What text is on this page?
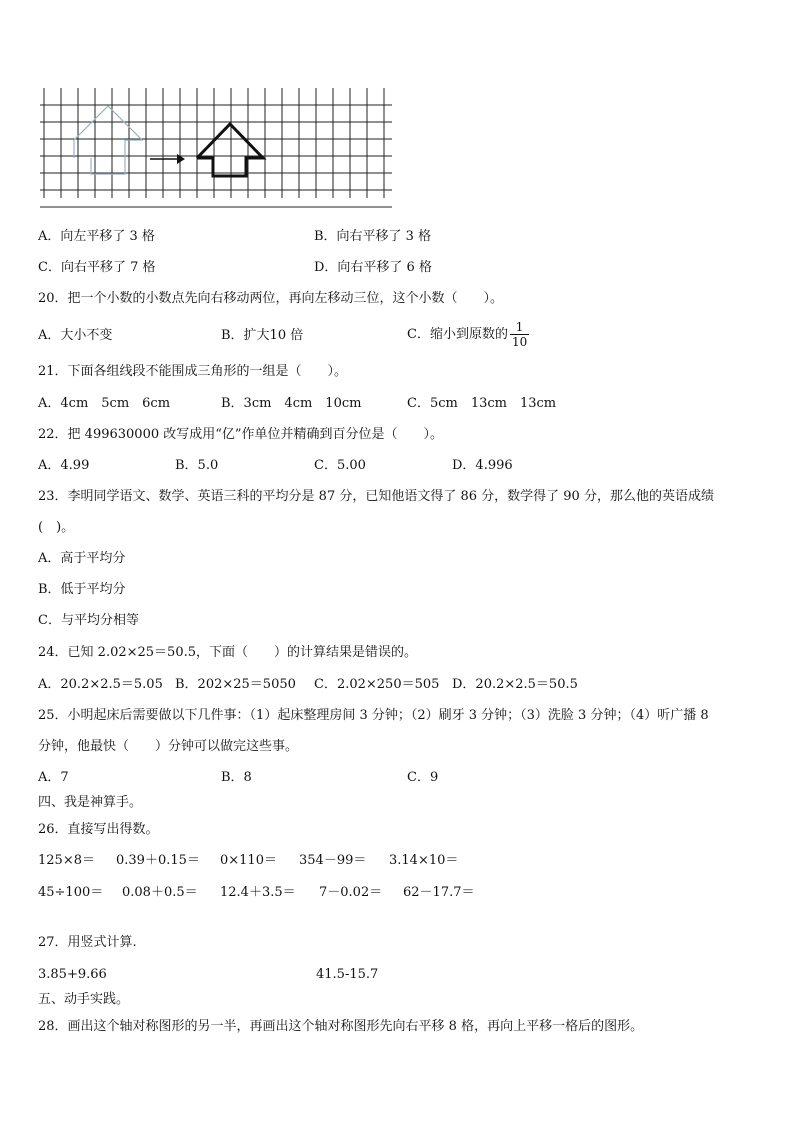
A．向左平移了 3 格	B．向右平移了 3 格
C．向右平移了 7 格	D．向右平移了 6 格
20．把一个小数的小数点先向右移动两位，再向左移动三位，这个小数（　　）。
A．大小不变	B．扩大10 倍	C．缩小到原数的 $\frac{1}{10}$
21．下面各组线段不能围成三角形的一组是（　　）。
A．4cm　5cm　6cm	B．3cm　4cm　10cm	C．5cm　13cm　13cm
22．把 499630000 改写成用“亿”作单位并精确到百分位是（　　）。
A．4.99	B．5.0	C．5.00	D．4.996
23．李明同学语文、数学、英语三科的平均分是 87 分，已知他语文得了 86 分，数学得了 90 分，那么他的英语成绩
(　)。
A．高于平均分
B．低于平均分
C．与平均分相等
24．已知 2.02×25＝50.5，下面（　　）的计算结果是错误的。
A．20.2×2.5＝5.05 B．202×25＝5050 C．2.02×250＝505 D．20.2×2.5＝50.5
25．小明起床后需要做以下几件事：（1）起床整理房间 3 分钟；（2）刷牙 3 分钟；（3）洗脸 3 分钟；（4）听广播 8
分钟，他最快（　　）分钟可以做完这些事。
A．7	B．8	C．9
四、我是神算手。
26．直接写出得数。
125×8＝ 0.39＋0.15＝ 0×110＝ 354－99＝ 3.14×10＝
45÷100＝ 0.08＋0.5＝ 12.4＋3.5＝ 7－0.02＝ 62－17.7＝
27．用竖式计算.
3.85+9.66	41.5-15.7
五、动手实践。
28．画出这个轴对称图形的另一半，再画出这个轴对称图形先向右平移 8 格，再向上平移一格后的图形。
